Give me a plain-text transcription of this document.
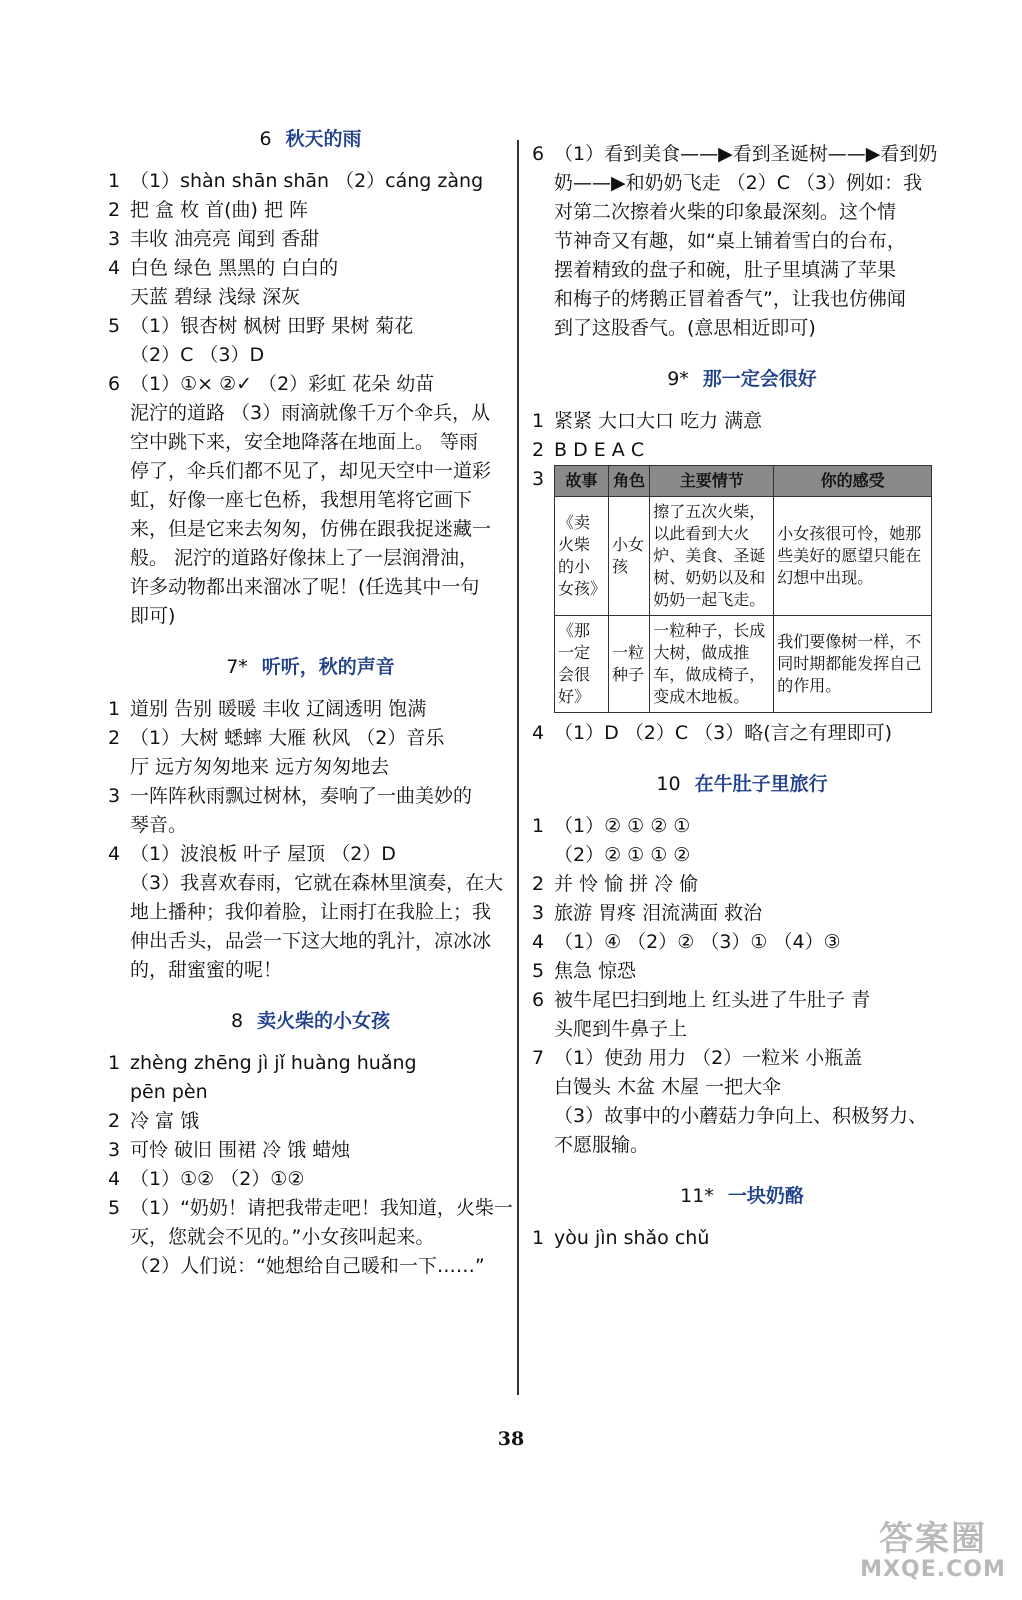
6 秋天的雨
1 （1）shàn shān shān （2）cáng zàng
2 把 盒 枚 首(曲) 把 阵
3 丰收 油亮亮 闻到 香甜
4 白色 绿色 黑黑的 白白的
天蓝 碧绿 浅绿 深灰
5 （1）银杏树 枫树 田野 果树 菊花
（2）C （3）D
6 （1）①× ②✓ （2）彩虹 花朵 幼苗
泥泞的道路 （3）雨滴就像千万个伞兵，从
空中跳下来，安全地降落在地面上。 等雨
停了，伞兵们都不见了，却见天空中一道彩
虹，好像一座七色桥，我想用笔将它画下
来，但是它来去匆匆，仿佛在跟我捉迷藏一
般。 泥泞的道路好像抹上了一层润滑油，
许多动物都出来溜冰了呢！(任选其中一句
即可)
7* 听听，秋的声音
1 道别 告别 暖暖 丰收 辽阔透明 饱满
2 （1）大树 蟋蟀 大雁 秋风 （2）音乐
厅 远方匆匆地来 远方匆匆地去
3 一阵阵秋雨飘过树林，奏响了一曲美妙的
琴音。
4 （1）波浪板 叶子 屋顶 （2）D
（3）我喜欢春雨，它就在森林里演奏，在大
地上播种；我仰着脸，让雨打在我脸上；我
伸出舌头，品尝一下这大地的乳汁，凉冰冰
的，甜蜜蜜的呢！
8 卖火柴的小女孩
1 zhèng zhēng jì jǐ huàng huǎng
pēn pèn
2 冷 富 饿
3 可怜 破旧 围裙 冷 饿 蜡烛
4 （1）①② （2）①②
5 （1）“奶奶！请把我带走吧！我知道，火柴一
灭，您就会不见的。”小女孩叫起来。
（2）人们说：“她想给自己暖和一下……”
6 （1）看到美食——▶看到圣诞树——▶看到奶
奶——▶和奶奶飞走 （2）C （3）例如：我
对第二次擦着火柴的印象最深刻。这个情
节神奇又有趣，如“桌上铺着雪白的台布，
摆着精致的盘子和碗，肚子里填满了苹果
和梅子的烤鹅正冒着香气”，让我也仿佛闻
到了这股香气。(意思相近即可)
9* 那一定会很好
1 紧紧 大口大口 吃力 满意
2 B D E A C
3	故事	角色	主要情节	你的感受
《卖火柴的小女孩》	小女孩	擦了五次火柴，以此看到大火炉、美食、圣诞树、奶奶以及和奶奶一起飞走。	小女孩很可怜，她那些美好的愿望只能在幻想中出现。
《那一定会很好》	一粒种子	一粒种子，长成大树，做成推车，做成椅子，变成木地板。	我们要像树一样，不同时期都能发挥自己的作用。
4 （1）D （2）C （3）略(言之有理即可)
10 在牛肚子里旅行
1 （1）② ① ② ①
（2）② ① ① ②
2 并 怜 愉 拼 冷 偷
3 旅游 胃疼 泪流满面 救治
4 （1）④ （2）② （3）① （4）③
5 焦急 惊恐
6 被牛尾巴扫到地上 红头进了牛肚子 青
头爬到牛鼻子上
7 （1）使劲 用力 （2）一粒米 小瓶盖
白馒头 木盆 木屋 一把大伞
（3）故事中的小蘑菇力争向上、积极努力、
不愿服输。
11* 一块奶酪
1 yòu jìn shǎo chǔ
38
答案圈
MXQE.COM
